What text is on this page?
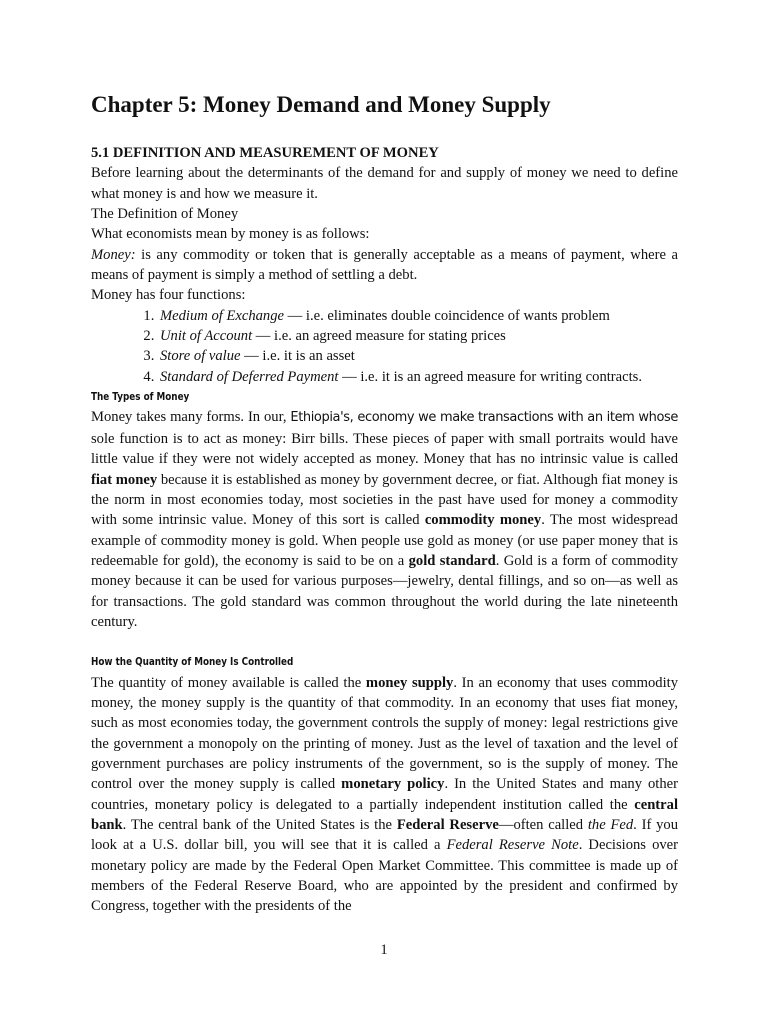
Chapter 5: Money Demand and Money Supply

5.1 DEFINITION AND MEASUREMENT OF MONEY

Before learning about the determinants of the demand for and supply of money we need to define

what money is and how we measure it.

The Definition of Money

What economists mean by money is as follows:

Money: is any commodity or token that is generally acceptable as a means of payment, where a

means of payment is simply a method of settling a debt.

Money has four functions:

1. Medium of Exchange — i.e. eliminates double coincidence of wants problem
2. Unit of Account — i.e. an agreed measure for stating prices
3. Store of value — i.e. it is an asset
4. Standard of Deferred Payment — i.e. it is an agreed measure for writing contracts.

The Types of Money

Money takes many forms. In our, Ethiopia's, economy we make transactions with an item whose sole function is to act as money: Birr bills. These pieces of paper with small portraits would have little value if they were not widely accepted as money. Money that has no intrinsic value is called fiat money because it is established as money by government decree, or fiat. Although fiat money is the norm in most economies today, most societies in the past have used for money a commodity with some intrinsic value. Money of this sort is called commodity money. The most widespread example of commodity money is gold. When people use gold as money (or use paper money that is redeemable for gold), the economy is said to be on a gold standard. Gold is a form of commodity money because it can be used for various purposes—jewelry, dental fillings, and so on—as well as for transactions. The gold standard was common throughout the world during the late nineteenth century.

How the Quantity of Money Is Controlled

The quantity of money available is called the money supply. In an economy that uses commodity money, the money supply is the quantity of that commodity. In an economy that uses fiat money, such as most economies today, the government controls the supply of money: legal restrictions give the government a monopoly on the printing of money. Just as the level of taxation and the level of government purchases are policy instruments of the government, so is the supply of money. The control over the money supply is called monetary policy. In the United States and many other countries, monetary policy is delegated to a partially independent institution called the central bank. The central bank of the United States is the Federal Reserve—often called the Fed. If you look at a U.S. dollar bill, you will see that it is called a Federal Reserve Note. Decisions over monetary policy are made by the Federal Open Market Committee. This committee is made up of members of the Federal Reserve Board, who are appointed by the president and confirmed by Congress, together with the presidents of the

1
